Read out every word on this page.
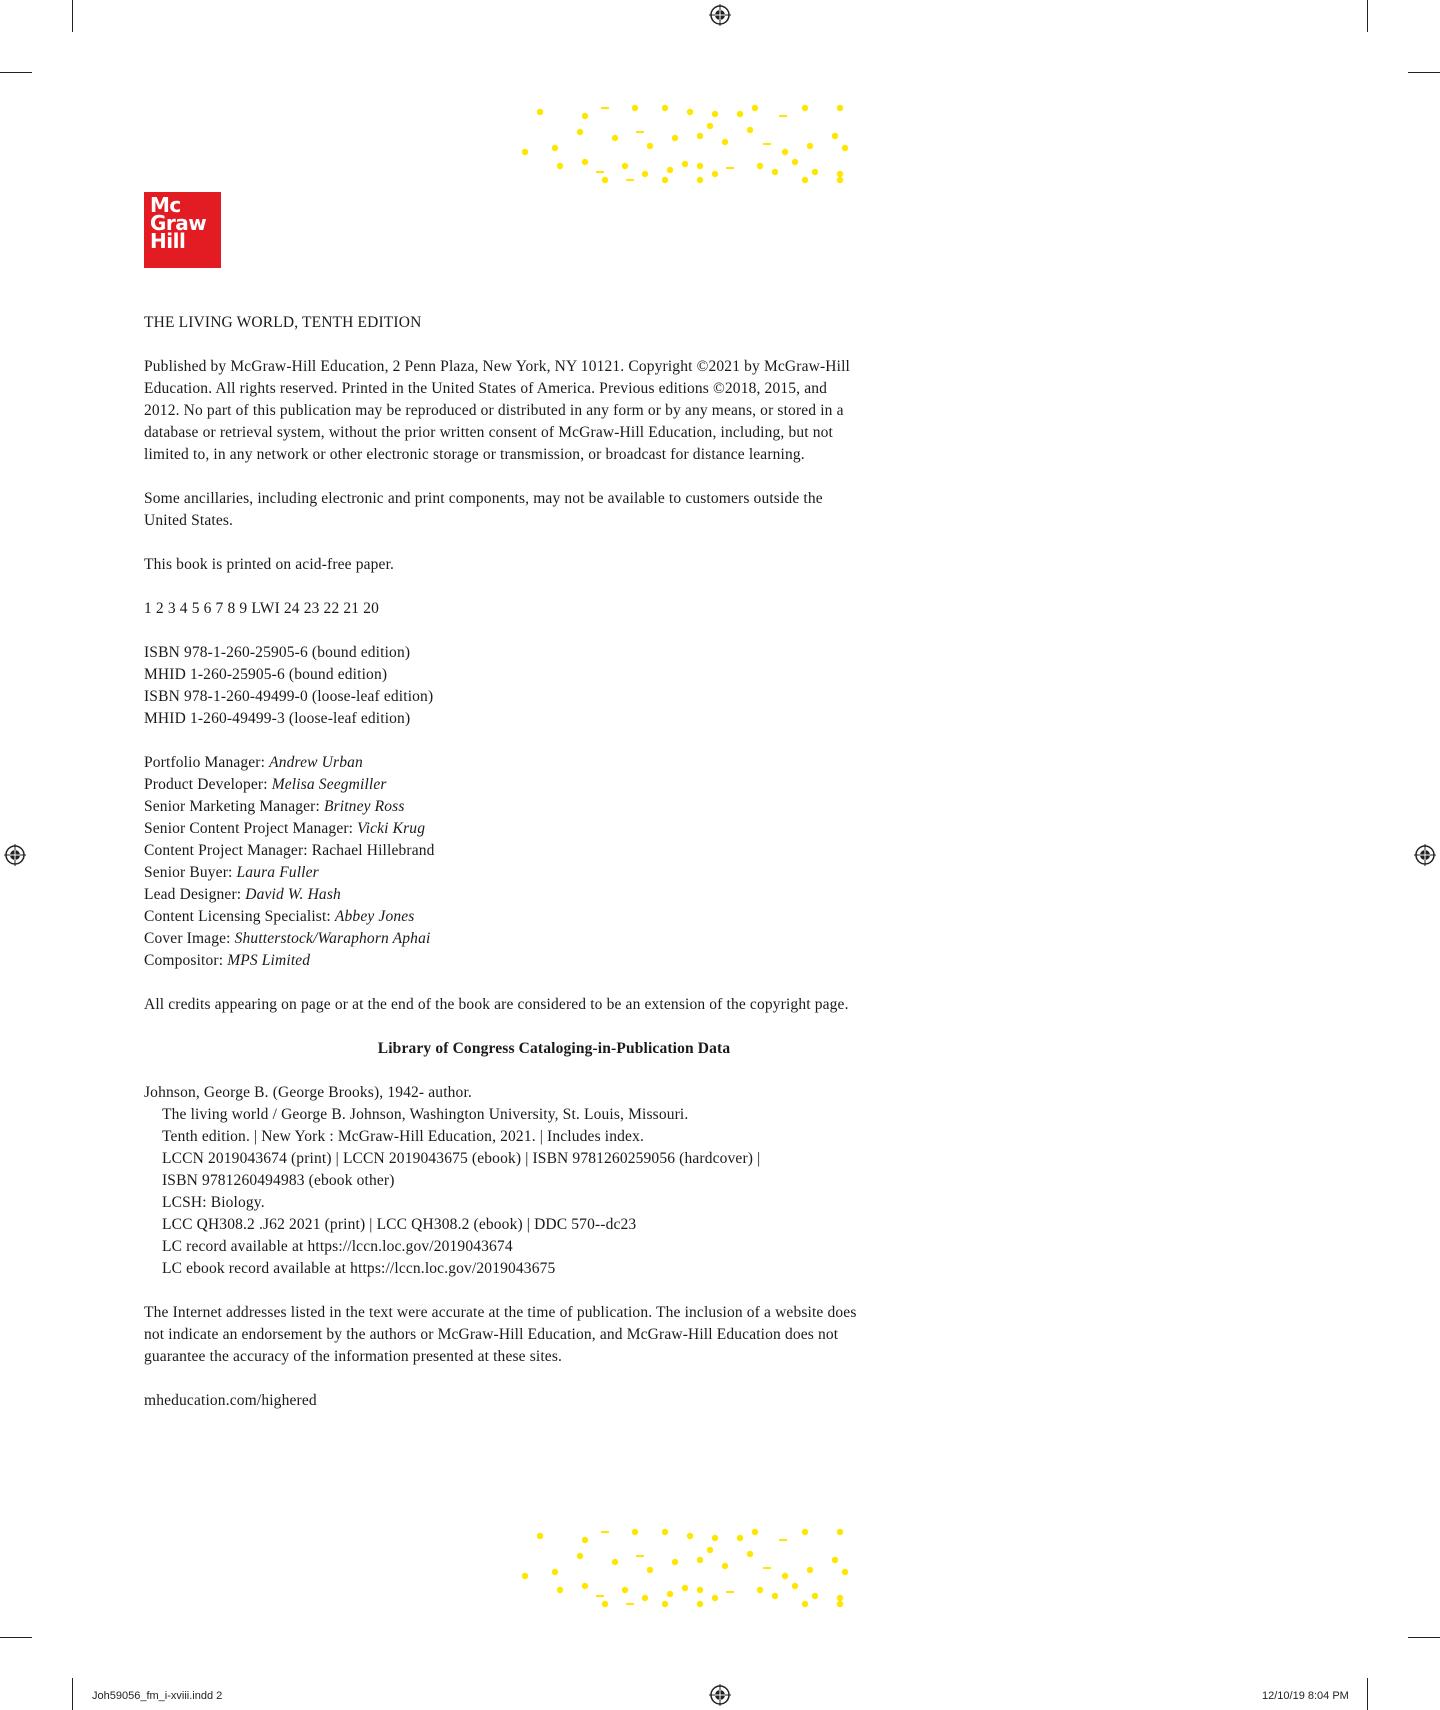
Mc
Graw
Hill

THE LIVING WORLD, TENTH EDITION

Published by McGraw-Hill Education, 2 Penn Plaza, New York, NY 10121. Copyright ©2021 by McGraw-Hill
Education. All rights reserved. Printed in the United States of America. Previous editions ©2018, 2015, and
2012. No part of this publication may be reproduced or distributed in any form or by any means, or stored in a
database or retrieval system, without the prior written consent of McGraw-Hill Education, including, but not
limited to, in any network or other electronic storage or transmission, or broadcast for distance learning.

Some ancillaries, including electronic and print components, may not be available to customers outside the
United States.

This book is printed on acid-free paper.

1 2 3 4 5 6 7 8 9 LWI 24 23 22 21 20

ISBN 978-1-260-25905-6 (bound edition)
MHID 1-260-25905-6 (bound edition)
ISBN 978-1-260-49499-0 (loose-leaf edition)
MHID 1-260-49499-3 (loose-leaf edition)

Portfolio Manager: Andrew Urban
Product Developer: Melisa Seegmiller
Senior Marketing Manager: Britney Ross
Senior Content Project Manager: Vicki Krug
Content Project Manager: Rachael Hillebrand
Senior Buyer: Laura Fuller
Lead Designer: David W. Hash
Content Licensing Specialist: Abbey Jones
Cover Image: Shutterstock/Waraphorn Aphai
Compositor: MPS Limited

All credits appearing on page or at the end of the book are considered to be an extension of the copyright page.

Library of Congress Cataloging-in-Publication Data

Johnson, George B. (George Brooks), 1942- author.
The living world / George B. Johnson, Washington University, St. Louis, Missouri.
Tenth edition. | New York : McGraw-Hill Education, 2021. | Includes index.
LCCN 2019043674 (print) | LCCN 2019043675 (ebook) | ISBN 9781260259056 (hardcover) |
ISBN 9781260494983 (ebook other)
LCSH: Biology.
LCC QH308.2 .J62 2021 (print) | LCC QH308.2 (ebook) | DDC 570--dc23
LC record available at https://lccn.loc.gov/2019043674
LC ebook record available at https://lccn.loc.gov/2019043675

The Internet addresses listed in the text were accurate at the time of publication. The inclusion of a website does
not indicate an endorsement by the authors or McGraw-Hill Education, and McGraw-Hill Education does not
guarantee the accuracy of the information presented at these sites.

mheducation.com/highered

Joh59056_fm_i-xviii.indd 2	12/10/19 8:04 PM
